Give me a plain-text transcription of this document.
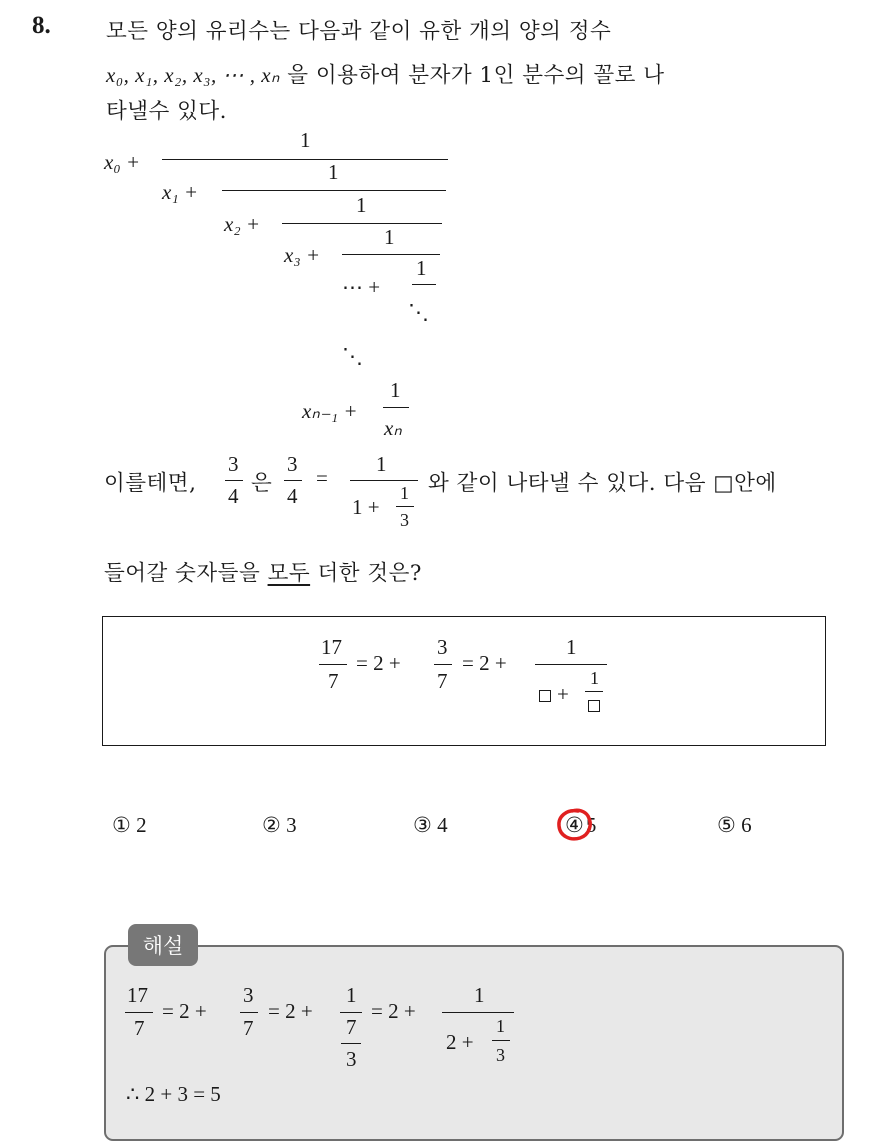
8.	모든 양의 유리수는 다음과 같이 유한 개의 양의 정수
x₀, x₁, x₂, x₃, ⋯ , xₙ 을 이용하여 분자가 1인 분수의 꼴로 나
타낼수 있다.
x₀ +
1
x₁ +
1
x₂ +
1
x₃ +
1
⋯ +
1
⋱
⋱
xₙ₋₁ +
1
xₙ
이를테면,
3
4 은
3
4
=
1
1 +
1
3
와 같이 나타낼 수 있다. 다음 □안에
들어갈 숫자들을 모두 더한 것은?
17
7
= 2 +
3
7
= 2 +
1
+
1
① 2	② 3	③ 4	④5	⑤ 6
해설
17
7
= 2 +
3
7
= 2 +
1
7
3
= 2 +
1
2 +
1
3
∴ 2 + 3 = 5
